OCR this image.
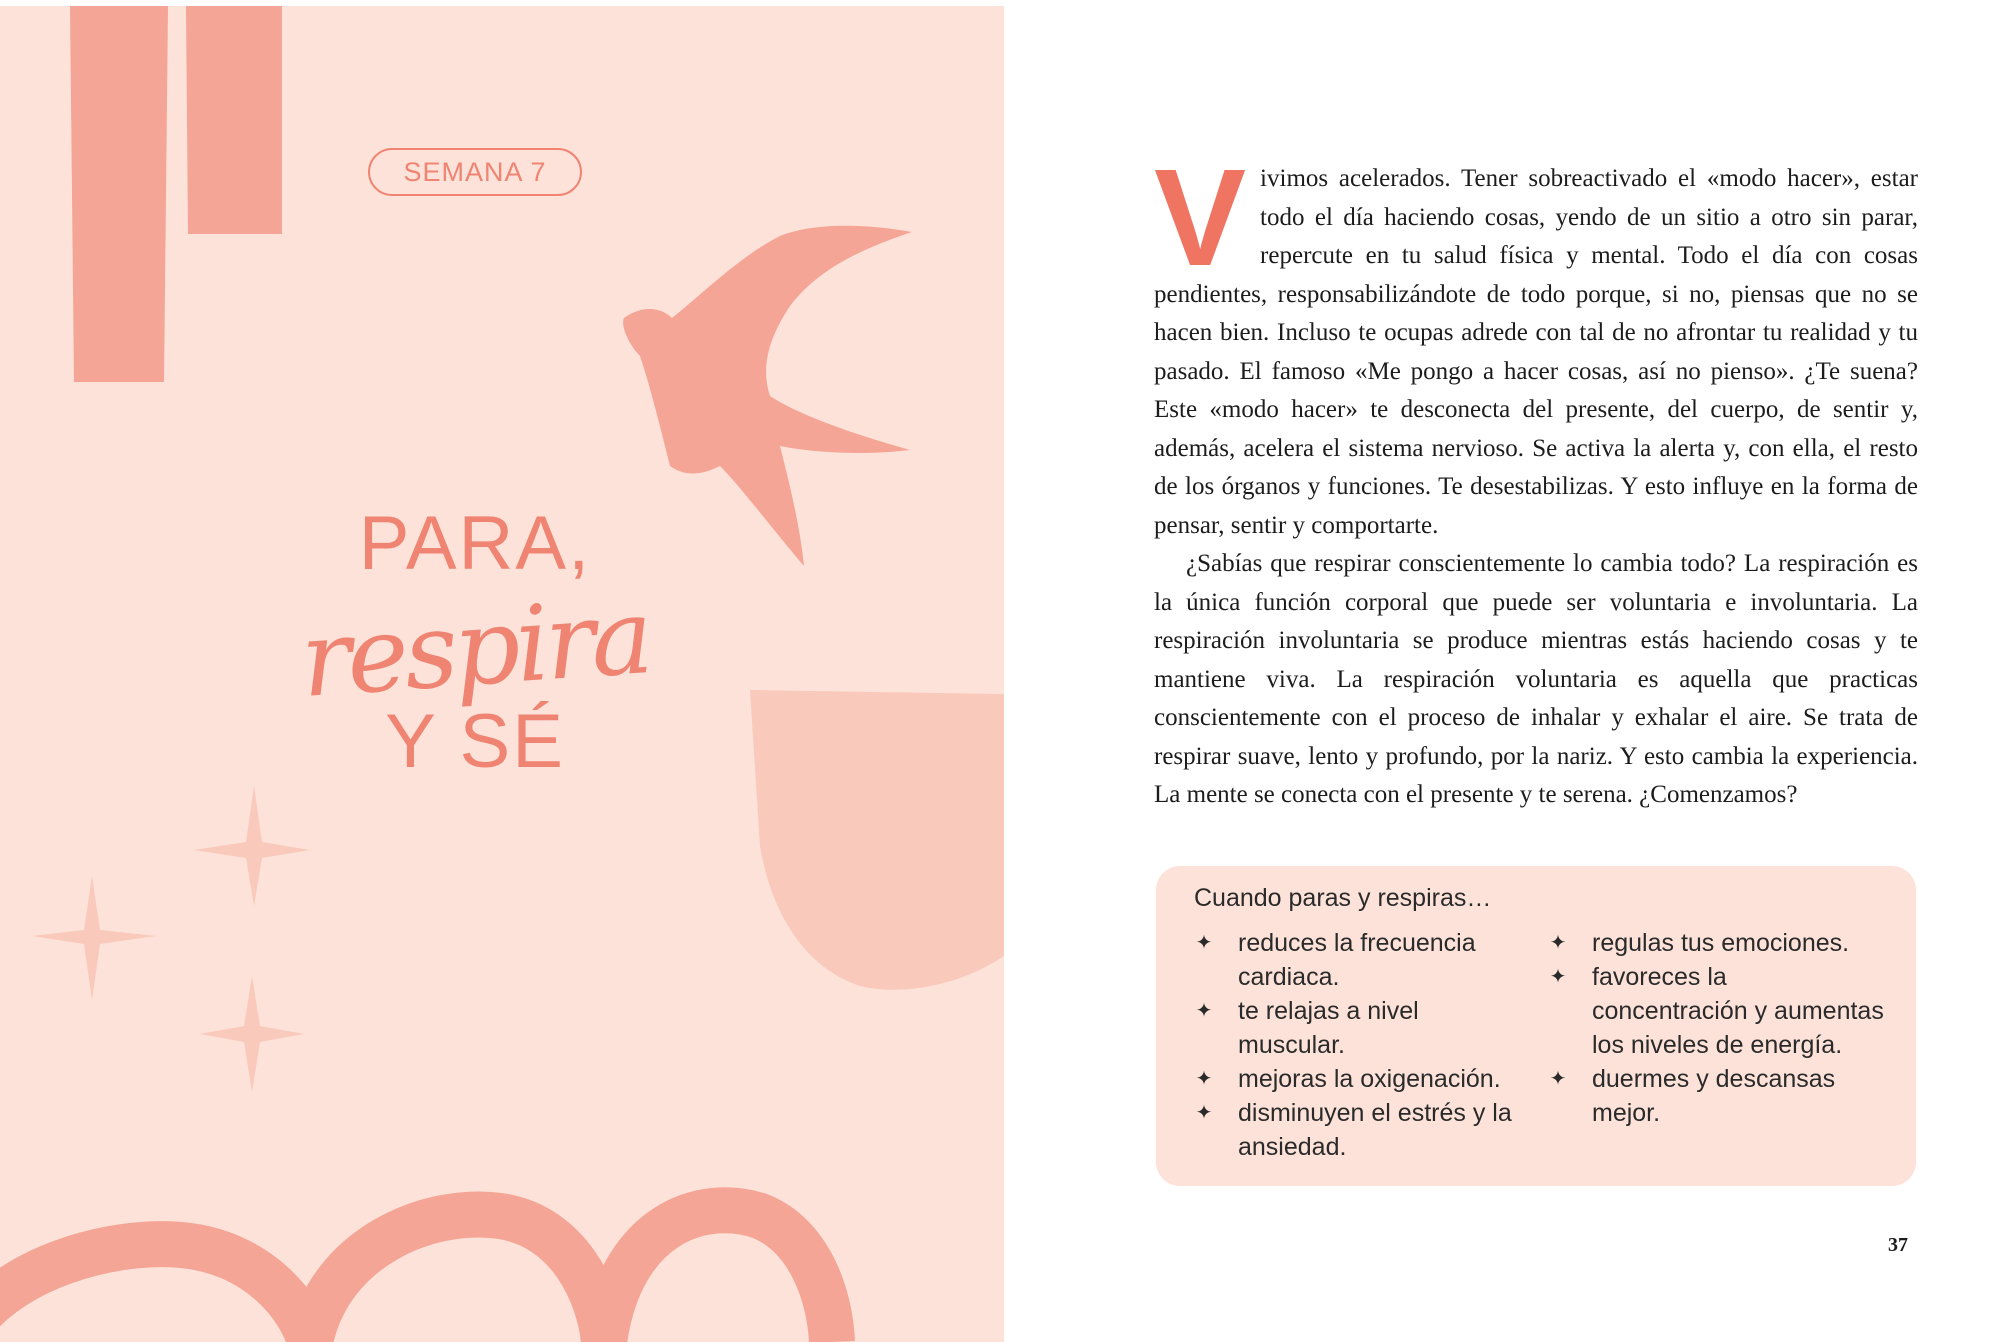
SEMANA 7
PARA,
respira
Y SÉ

Vivimos acelerados. Tener sobreactivado el «modo hacer», estar todo el día haciendo cosas, yendo de un sitio a otro sin parar, repercute en tu salud física y mental. Todo el día con cosas pendientes, responsabilizándote de todo porque, si no, piensas que no se hacen bien. Incluso te ocupas adrede con tal de no afrontar tu realidad y tu pasado. El famoso «Me pongo a hacer cosas, así no pienso». ¿Te suena? Este «modo hacer» te desconecta del presente, del cuerpo, de sentir y, además, acelera el sistema nervioso. Se activa la alerta y, con ella, el resto de los órganos y funciones. Te desestabilizas. Y esto influye en la forma de pensar, sentir y comportarte.

¿Sabías que respirar conscientemente lo cambia todo? La respiración es la única función corporal que puede ser voluntaria e involuntaria. La respiración involuntaria se produce mientras estás haciendo cosas y te mantiene viva. La respiración voluntaria es aquella que practicas conscientemente con el proceso de inhalar y exhalar el aire. Se trata de respirar suave, lento y profundo, por la nariz. Y esto cambia la experiencia. La mente se conecta con el presente y te serena. ¿Comenzamos?

Cuando paras y respiras…
✦ reduces la frecuencia cardiaca.
✦ te relajas a nivel muscular.
✦ mejoras la oxigenación.
✦ disminuyen el estrés y la ansiedad.
✦ regulas tus emociones.
✦ favoreces la concentración y aumentas los niveles de energía.
✦ duermes y descansas mejor.
37
